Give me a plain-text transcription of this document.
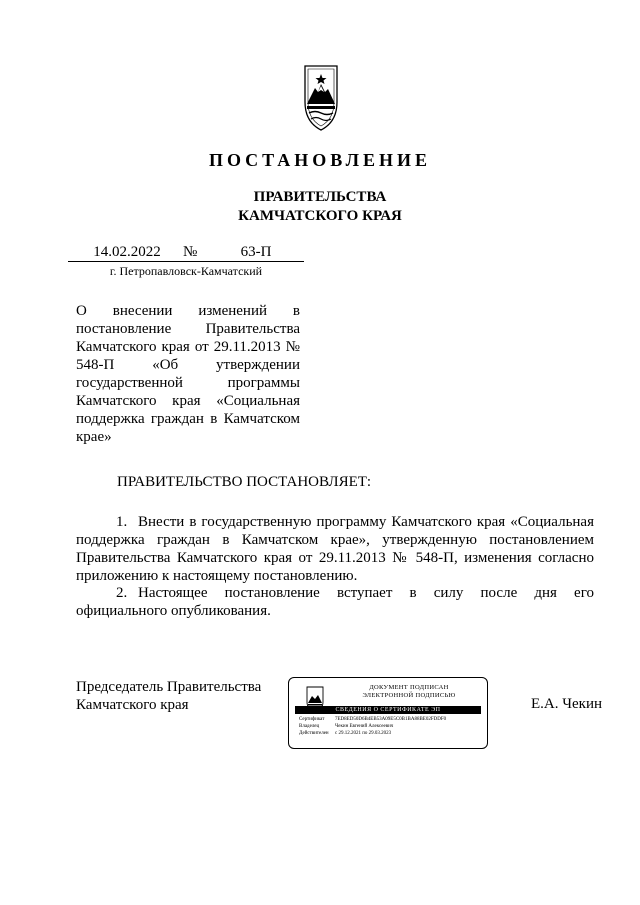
ПОСТАНОВЛЕНИЕ
ПРАВИТЕЛЬСТВА
КАМЧАТСКОГО КРАЯ
14.02.2022	№	63-П
г. Петропавловск-Камчатский
О внесении изменений в постановление Правительства Камчатского края от 29.11.2013 № 548-П «Об утверждении государственной программы Камчатского края «Социальная поддержка граждан в Камчатском крае»
ПРАВИТЕЛЬСТВО ПОСТАНОВЛЯЕТ:
1. Внести в государственную программу Камчатского края «Социальная поддержка граждан в Камчатском крае», утвержденную постановлением Правительства Камчатского края от 29.11.2013 № 548-П, изменения согласно приложению к настоящему постановлению.
2. Настоящее постановление вступает в силу после дня его официального опубликования.
Председатель Правительства
Камчатского края
ДОКУМЕНТ ПОДПИСАН
ЭЛЕКТРОННОЙ ПОДПИСЬЮ
СВЕДЕНИЯ О СЕРТИФИКАТЕ ЭП
Сертификат 7ED8ED50D6B4EB53A09E5C0B1BA88BE02FDDF0
Владелец	Чекин Евгений Алексеевич
Действителен с 29.12.2021 по 29.03.2023
Е.А. Чекин
